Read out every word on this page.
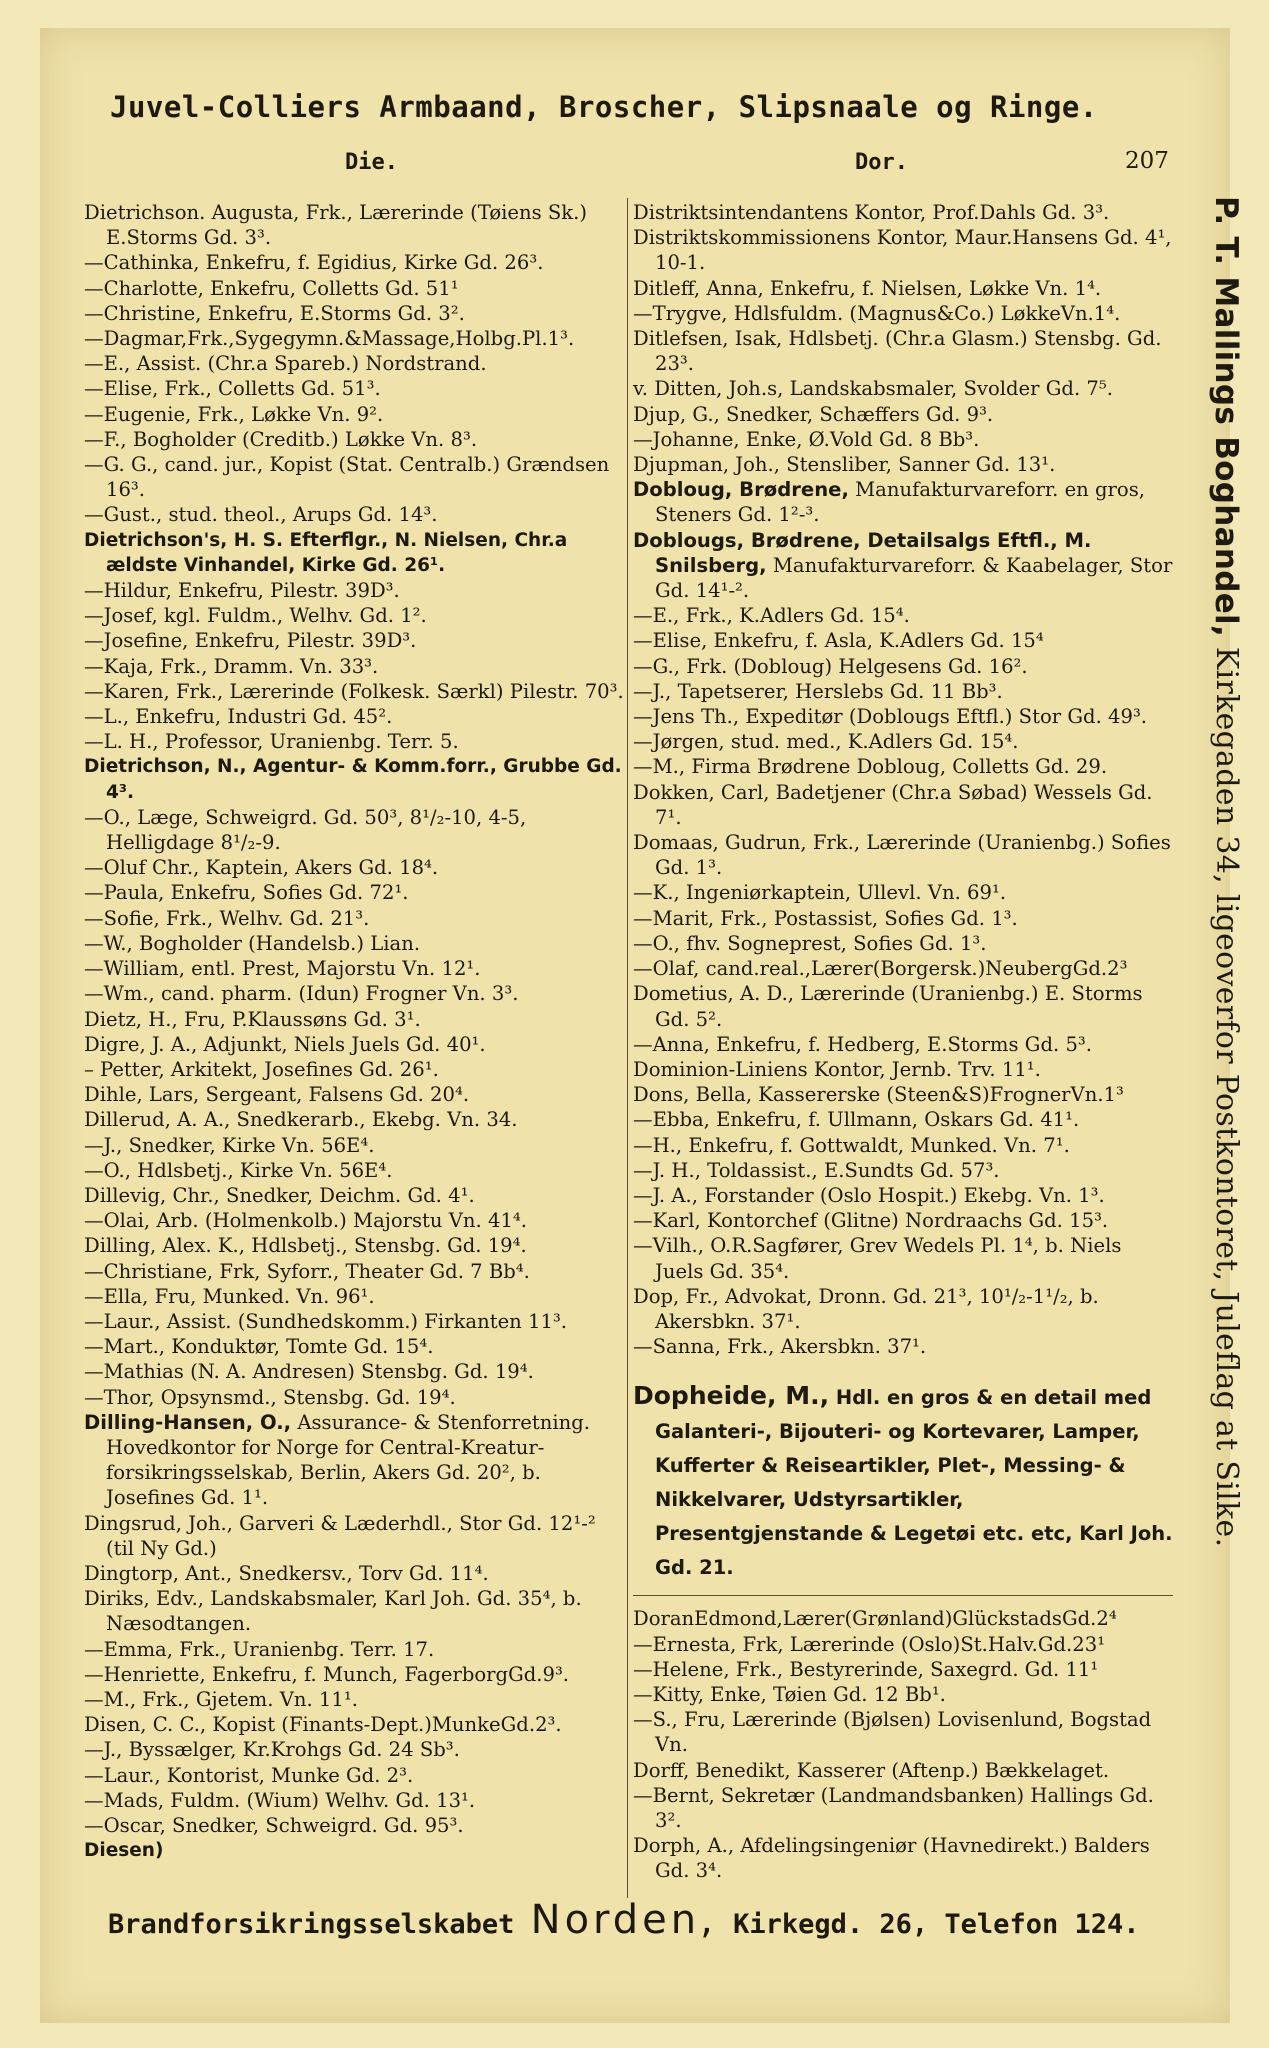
Juvel-Colliers Armbaand, Broscher, Slipsnaale og Ringe.
Die.	Dor.	207
Dietrichson. Augusta, Frk., Lærerinde (Tøiens Sk.) E.Storms Gd. 3³.
—Cathinka, Enkefru, f. Egidius, Kirke Gd. 26³.
—Charlotte, Enkefru, Colletts Gd. 51¹
—Christine, Enkefru, E.Storms Gd. 3².
—Dagmar,Frk.,Sygegymn.&Massage,Holbg.Pl.1³.
—E., Assist. (Chr.a Spareb.) Nordstrand.
—Elise, Frk., Colletts Gd. 51³.
—Eugenie, Frk., Løkke Vn. 9².
—F., Bogholder (Creditb.) Løkke Vn. 8³.
—G. G., cand. jur., Kopist (Stat. Centralb.) Grændsen 16³.
—Gust., stud. theol., Arups Gd. 14³.
Dietrichson's, H. S. Efterflgr., N. Nielsen, Chr.a ældste Vinhandel, Kirke Gd. 26¹.
—Hildur, Enkefru, Pilestr. 39D³.
—Josef, kgl. Fuldm., Welhv. Gd. 1².
—Josefine, Enkefru, Pilestr. 39D³.
—Kaja, Frk., Dramm. Vn. 33³.
—Karen, Frk., Lærerinde (Folkesk. Særkl) Pilestr. 70³.
—L., Enkefru, Industri Gd. 45².
—L. H., Professor, Uranienbg. Terr. 5.
Dietrichson, N., Agentur- & Komm.forr., Grubbe Gd. 4³.
—O., Læge, Schweigrd. Gd. 50³, 8¹/₂-10, 4-5, Helligdage 8¹/₂-9.
—Oluf Chr., Kaptein, Akers Gd. 18⁴.
—Paula, Enkefru, Sofies Gd. 72¹.
—Sofie, Frk., Welhv. Gd. 21³.
—W., Bogholder (Handelsb.) Lian.
—William, entl. Prest, Majorstu Vn. 12¹.
—Wm., cand. pharm. (Idun) Frogner Vn. 3³.
Dietz, H., Fru, P.Klaussøns Gd. 3¹.
Digre, J. A., Adjunkt, Niels Juels Gd. 40¹.
– Petter, Arkitekt, Josefines Gd. 26¹.
Dihle, Lars, Sergeant, Falsens Gd. 20⁴.
Dillerud, A. A., Snedkerarb., Ekebg. Vn. 34.
—J., Snedker, Kirke Vn. 56E⁴.
—O., Hdlsbetj., Kirke Vn. 56E⁴.
Dillevig, Chr., Snedker, Deichm. Gd. 4¹.
—Olai, Arb. (Holmenkolb.) Majorstu Vn. 41⁴.
Dilling, Alex. K., Hdlsbetj., Stensbg. Gd. 19⁴.
—Christiane, Frk, Syforr., Theater Gd. 7 Bb⁴.
—Ella, Fru, Munked. Vn. 96¹.
—Laur., Assist. (Sundhedskomm.) Firkanten 11³.
—Mart., Konduktør, Tomte Gd. 15⁴.
—Mathias (N. A. Andresen) Stensbg. Gd. 19⁴.
—Thor, Opsynsmd., Stensbg. Gd. 19⁴.
Dilling-Hansen, O., Assurance- & Stenforretning. Hovedkontor for Norge for Central-Kreatur-forsikringsselskab, Berlin, Akers Gd. 20², b. Josefines Gd. 1¹.
Dingsrud, Joh., Garveri & Læderhdl., Stor Gd. 12¹-² (til Ny Gd.)
Dingtorp, Ant., Snedkersv., Torv Gd. 11⁴.
Diriks, Edv., Landskabsmaler, Karl Joh. Gd. 35⁴, b. Næsodtangen.
—Emma, Frk., Uranienbg. Terr. 17.
—Henriette, Enkefru, f. Munch, FagerborgGd.9³.
—M., Frk., Gjetem. Vn. 11¹.
Disen, C. C., Kopist (Finants-Dept.)MunkeGd.2³.
—J., Byssælger, Kr.Krohgs Gd. 24 Sb³.
—Laur., Kontorist, Munke Gd. 2³.
—Mads, Fuldm. (Wium) Welhv. Gd. 13¹.
—Oscar, Snedker, Schweigrd. Gd. 95³.
Diesen)
Distriktsintendantens Kontor, Prof.Dahls Gd. 3³.
Distriktskommissionens Kontor, Maur.Hansens Gd. 4¹, 10-1.
Ditleff, Anna, Enkefru, f. Nielsen, Løkke Vn. 1⁴.
—Trygve, Hdlsfuldm. (Magnus&Co.) LøkkeVn.1⁴.
Ditlefsen, Isak, Hdlsbetj. (Chr.a Glasm.) Stensbg. Gd. 23³.
v. Ditten, Joh.s, Landskabsmaler, Svolder Gd. 7⁵.
Djup, G., Snedker, Schæffers Gd. 9³.
—Johanne, Enke, Ø.Vold Gd. 8 Bb³.
Djupman, Joh., Stensliber, Sanner Gd. 13¹.
Dobloug, Brødrene, Manufakturvareforr. en gros, Steners Gd. 1²-³.
Doblougs, Brødrene, Detailsalgs Eftfl., M. Snilsberg, Manufakturvareforr. & Kaabelager, Stor Gd. 14¹-².
—E., Frk., K.Adlers Gd. 15⁴.
—Elise, Enkefru, f. Asla, K.Adlers Gd. 15⁴
—G., Frk. (Dobloug) Helgesens Gd. 16².
—J., Tapetserer, Herslebs Gd. 11 Bb³.
—Jens Th., Expeditør (Doblougs Eftfl.) Stor Gd. 49³.
—Jørgen, stud. med., K.Adlers Gd. 15⁴.
—M., Firma Brødrene Dobloug, Colletts Gd. 29.
Dokken, Carl, Badetjener (Chr.a Søbad) Wessels Gd. 7¹.
Domaas, Gudrun, Frk., Lærerinde (Uranienbg.) Sofies Gd. 1³.
—K., Ingeniørkaptein, Ullevl. Vn. 69¹.
—Marit, Frk., Postassist, Sofies Gd. 1³.
—O., fhv. Sogneprest, Sofies Gd. 1³.
—Olaf, cand.real.,Lærer(Borgersk.)NeubergGd.2³
Dometius, A. D., Lærerinde (Uranienbg.) E. Storms Gd. 5².
—Anna, Enkefru, f. Hedberg, E.Storms Gd. 5³.
Dominion-Liniens Kontor, Jernb. Trv. 11¹.
Dons, Bella, Kassererske (Steen&S)FrognerVn.1³
—Ebba, Enkefru, f. Ullmann, Oskars Gd. 41¹.
—H., Enkefru, f. Gottwaldt, Munked. Vn. 7¹.
—J. H., Toldassist., E.Sundts Gd. 57³.
—J. A., Forstander (Oslo Hospit.) Ekebg. Vn. 1³.
—Karl, Kontorchef (Glitne) Nordraachs Gd. 15³.
—Vilh., O.R.Sagfører, Grev Wedels Pl. 1⁴, b. Niels Juels Gd. 35⁴.
Dop, Fr., Advokat, Dronn. Gd. 21³, 10¹/₂-1¹/₂, b. Akersbkn. 37¹.
—Sanna, Frk., Akersbkn. 37¹.
Dopheide, M., Hdl. en gros & en detail med Galanteri-, Bijouteri- og Kortevarer, Lamper, Kufferter & Reiseartikler, Plet-, Messing- & Nikkelvarer, Udstyrsartikler, Presentgjenstande & Legetøi etc. etc, Karl Joh. Gd. 21.
DoranEdmond,Lærer(Grønland)GlückstadsGd.2⁴
—Ernesta, Frk, Lærerinde (Oslo)St.Halv.Gd.23¹
—Helene, Frk., Bestyrerinde, Saxegrd. Gd. 11¹
—Kitty, Enke, Tøien Gd. 12 Bb¹.
—S., Fru, Lærerinde (Bjølsen) Lovisenlund, Bogstad Vn.
Dorff, Benedikt, Kasserer (Aftenp.) Bækkelaget.
—Bernt, Sekretær (Landmandsbanken) Hallings Gd. 3².
Dorph, A., Afdelingsingeniør (Havnedirekt.) Balders Gd. 3⁴.
P. T. Mallings Boghandel, Kirkegaden 34, ligeoverfor Postkontoret, Juleflag at Silke.
Brandforsikringsselskabet Norden, Kirkegd. 26, Telefon 124.
